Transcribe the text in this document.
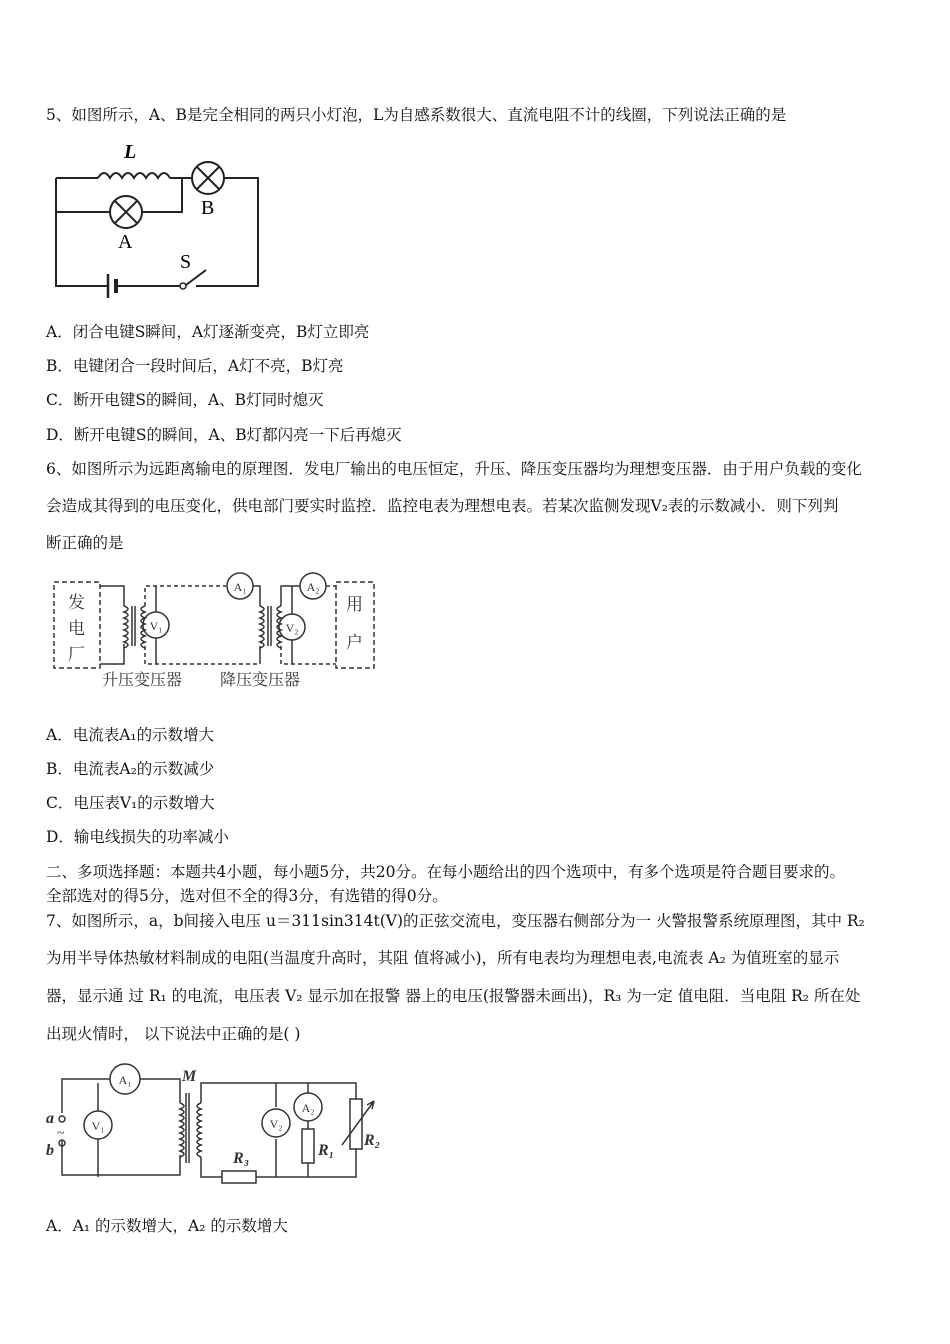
5、如图所示，A、B是完全相同的两只小灯泡，L为自感系数很大、直流电阻不计的线圈，下列说法正确的是
L
B
A
S
A．闭合电键S瞬间，A灯逐渐变亮，B灯立即亮
B．电键闭合一段时间后，A灯不亮，B灯亮
C．断开电键S的瞬间，A、B灯同时熄灭
D．断开电键S的瞬间，A、B灯都闪亮一下后再熄灭
6、如图所示为远距离输电的原理图．发电厂输出的电压恒定，升压、降压变压器均为理想变压器．由于用户负载的变化
会造成其得到的电压变化，供电部门要实时监控．监控电表为理想电表。若某次监侧发现V₂表的示数减小．则下列判
断正确的是
发
电
厂
用
户
升压变压器 降压变压器
V₁
A₁
V₂
A₂
A．电流表A₁的示数增大
B．电流表A₂的示数减少
C．电压表V₁的示数增大
D．输电线损失的功率减小
二、多项选择题：本题共4小题，每小题5分，共20分。在每小题给出的四个选项中，有多个选项是符合题目要求的。
全部选对的得5分，选对但不全的得3分，有选错的得0分。
7、如图所示，a，b间接入电压 u＝311sin314t(V)的正弦交流电，变压器右侧部分为一 火警报警系统原理图，其中 R₂
为用半导体热敏材料制成的电阻(当温度升高时，其阻 值将减小)，所有电表均为理想电表,电流表 A₂ 为值班室的显示
器，显示通 过 R₁ 的电流，电压表 V₂ 显示加在报警 器上的电压(报警器未画出)，R₃ 为一定 值电阻．当电阻 R₂ 所在处
出现火情时， 以下说法中正确的是( )
a
b
M
R₃	R₁
R₂
~ V₁
A₁
V₂
A₂
A．A₁ 的示数增大，A₂ 的示数增大
